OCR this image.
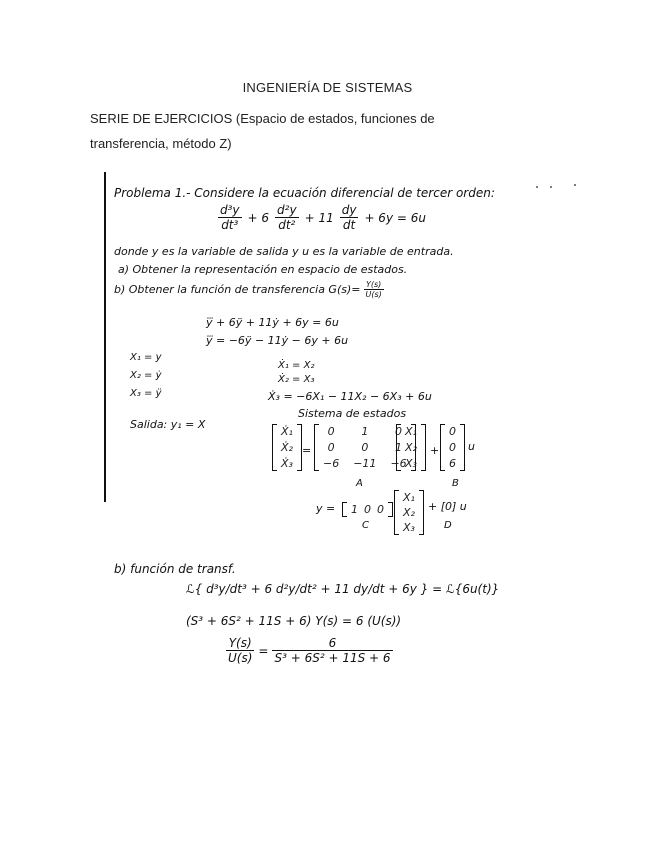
INGENIERÍA DE SISTEMAS
SERIE DE EJERCICIOS (Espacio de estados, funciones de transferencia, método Z)
Problema 1.- Considere la ecuación diferencial de tercer orden:
$\frac{\text{d³y}}{\text{dt³}} + 6 \frac{\text{d²y}}{\text{dt²}} + 11 \frac{dy}{dt} + 6y = 6u$
donde y es la variable de salida y u es la variable de entrada.
a) Obtener la representación en espacio de estados.
b) Obtener la función de transferencia $G(s)= \frac{Y(s)}{U(s)}$
y⃛ + 6ÿ + 11ẏ + 6y = 6u
y⃛ = −6ÿ − 11ẏ − 6y + 6u
X₁ = y
X₂ = ẏ
X₃ = ÿ
Salida: y₁ = X
Ẋ₁ = X₂
Ẋ₂ = X₃
Ẋ₃ = −6X₁ − 11X₂ − 6X₃ + 6u
Sistema de estados
Ẋ₁
Ẋ₂
Ẋ₃
=
0 1 0
0 0 1
−6 −11 −6
A
X₁
X₂
X₃
+
0
0
6
u
B
y = 1 0 0
X₁
X₂
X₃
+ [0] u
C	D
b) función de transf.
ℒ{ d³y/dt³ + 6 d²y/dt² + 11 dy/dt + 6y } = ℒ{6u(t)}
(S³ + 6S² + 11S + 6) Y(s) = 6 (U(s))
$\frac{Y(s)}{U(s)} = \frac{6}{\text{S³ + 6S² + 11S + 6}}$
